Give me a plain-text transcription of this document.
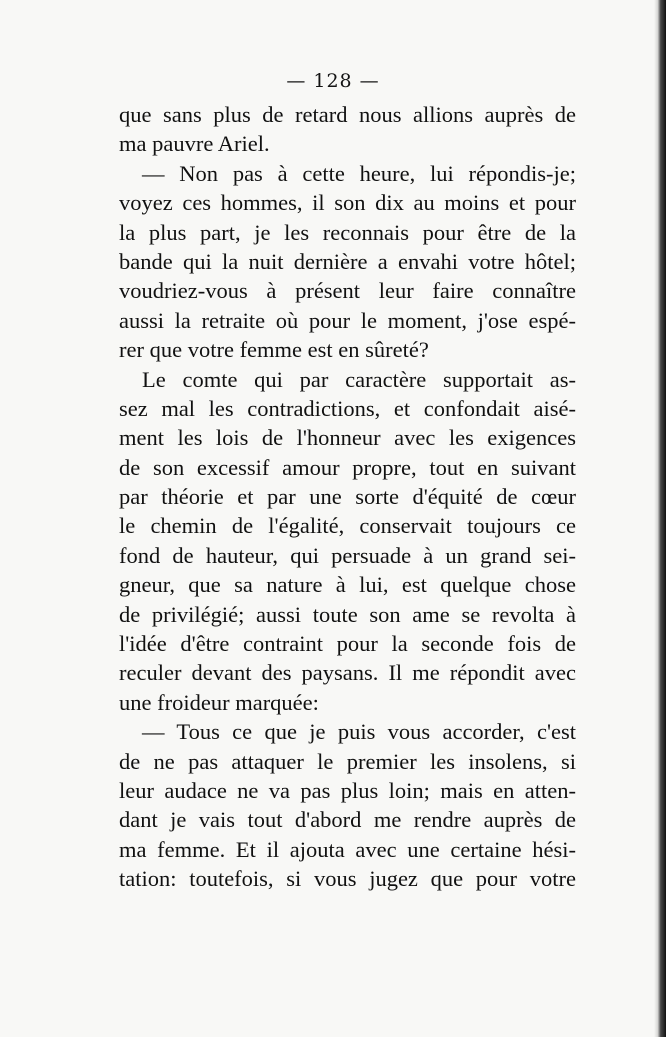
— 128 —
que sans plus de retard nous allions auprès de
ma pauvre Ariel.
— Non pas à cette heure, lui répondis-je;
voyez ces hommes, il son dix au moins et pour
la plus part, je les reconnais pour être de la
bande qui la nuit dernière a envahi votre hôtel;
voudriez-vous à présent leur faire connaître
aussi la retraite où pour le moment, j'ose espé-
rer que votre femme est en sûreté?
Le comte qui par caractère supportait as-
sez mal les contradictions, et confondait aisé-
ment les lois de l'honneur avec les exigences
de son excessif amour propre, tout en suivant
par théorie et par une sorte d'équité de cœur
le chemin de l'égalité, conservait toujours ce
fond de hauteur, qui persuade à un grand sei-
gneur, que sa nature à lui, est quelque chose
de privilégié; aussi toute son ame se revolta à
l'idée d'être contraint pour la seconde fois de
reculer devant des paysans. Il me répondit avec
une froideur marquée:
— Tous ce que je puis vous accorder, c'est
de ne pas attaquer le premier les insolens, si
leur audace ne va pas plus loin; mais en atten-
dant je vais tout d'abord me rendre auprès de
ma femme. Et il ajouta avec une certaine hési-
tation: toutefois, si vous jugez que pour votre
